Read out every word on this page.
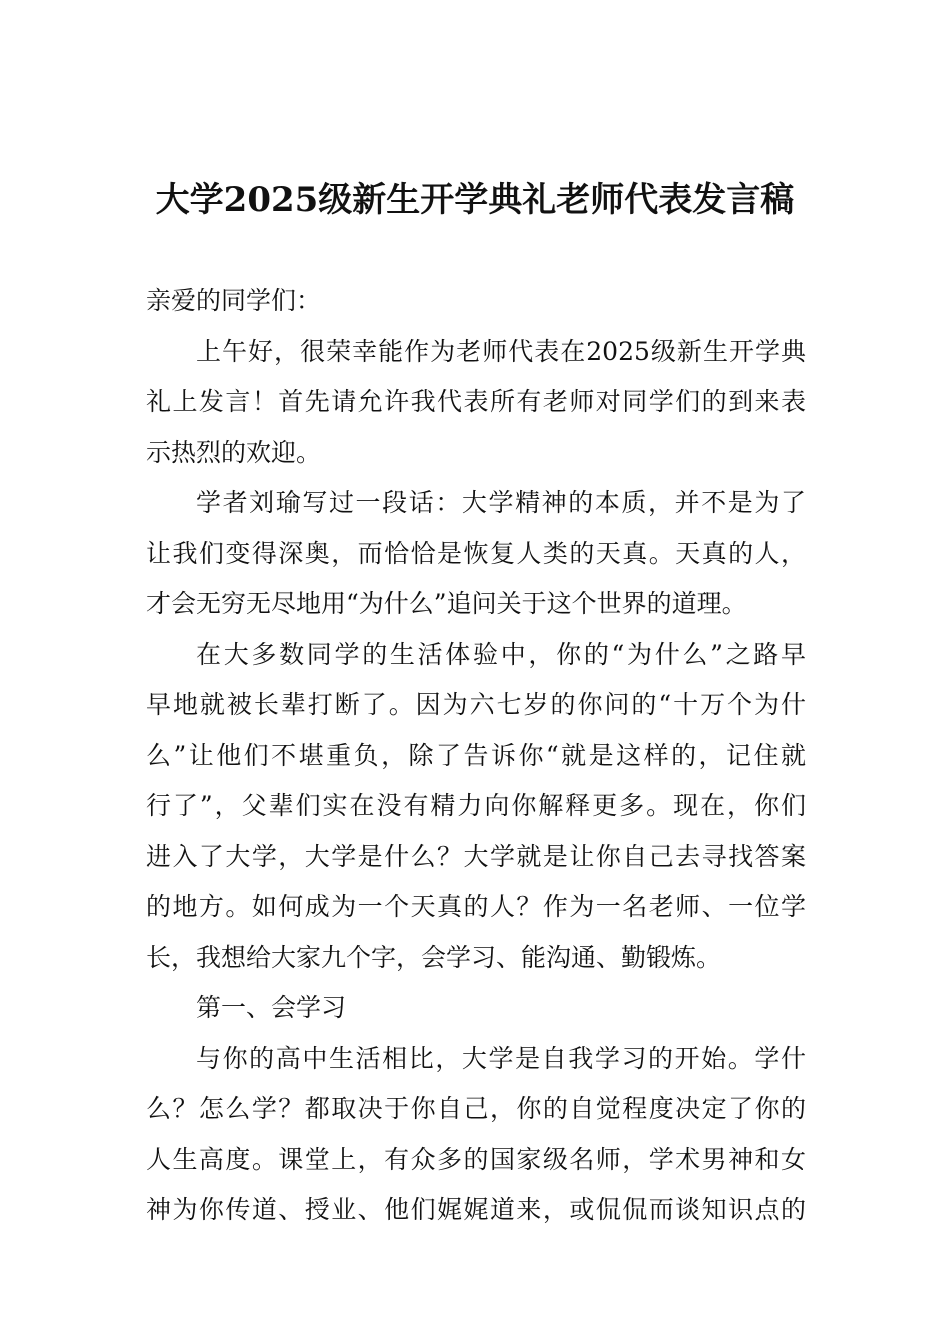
大学2025级新生开学典礼老师代表发言稿

亲爱的同学们：

上午好，很荣幸能作为老师代表在2025级新生开学典
礼上发言！首先请允许我代表所有老师对同学们的到来表
示热烈的欢迎。

学者刘瑜写过一段话：大学精神的本质，并不是为了
让我们变得深奥，而恰恰是恢复人类的天真。天真的人，
才会无穷无尽地用“为什么”追问关于这个世界的道理。

在大多数同学的生活体验中，你的“为什么”之路早
早地就被长辈打断了。因为六七岁的你问的“十万个为什
么”让他们不堪重负，除了告诉你“就是这样的，记住就
行了”，父辈们实在没有精力向你解释更多。现在，你们
进入了大学，大学是什么？大学就是让你自己去寻找答案
的地方。如何成为一个天真的人？作为一名老师、一位学
长，我想给大家九个字，会学习、能沟通、勤锻炼。

第一、会学习

与你的高中生活相比，大学是自我学习的开始。学什
么？怎么学？都取决于你自己，你的自觉程度决定了你的
人生高度。课堂上，有众多的国家级名师，学术男神和女
神为你传道、授业、他们娓娓道来，或侃侃而谈知识点的
